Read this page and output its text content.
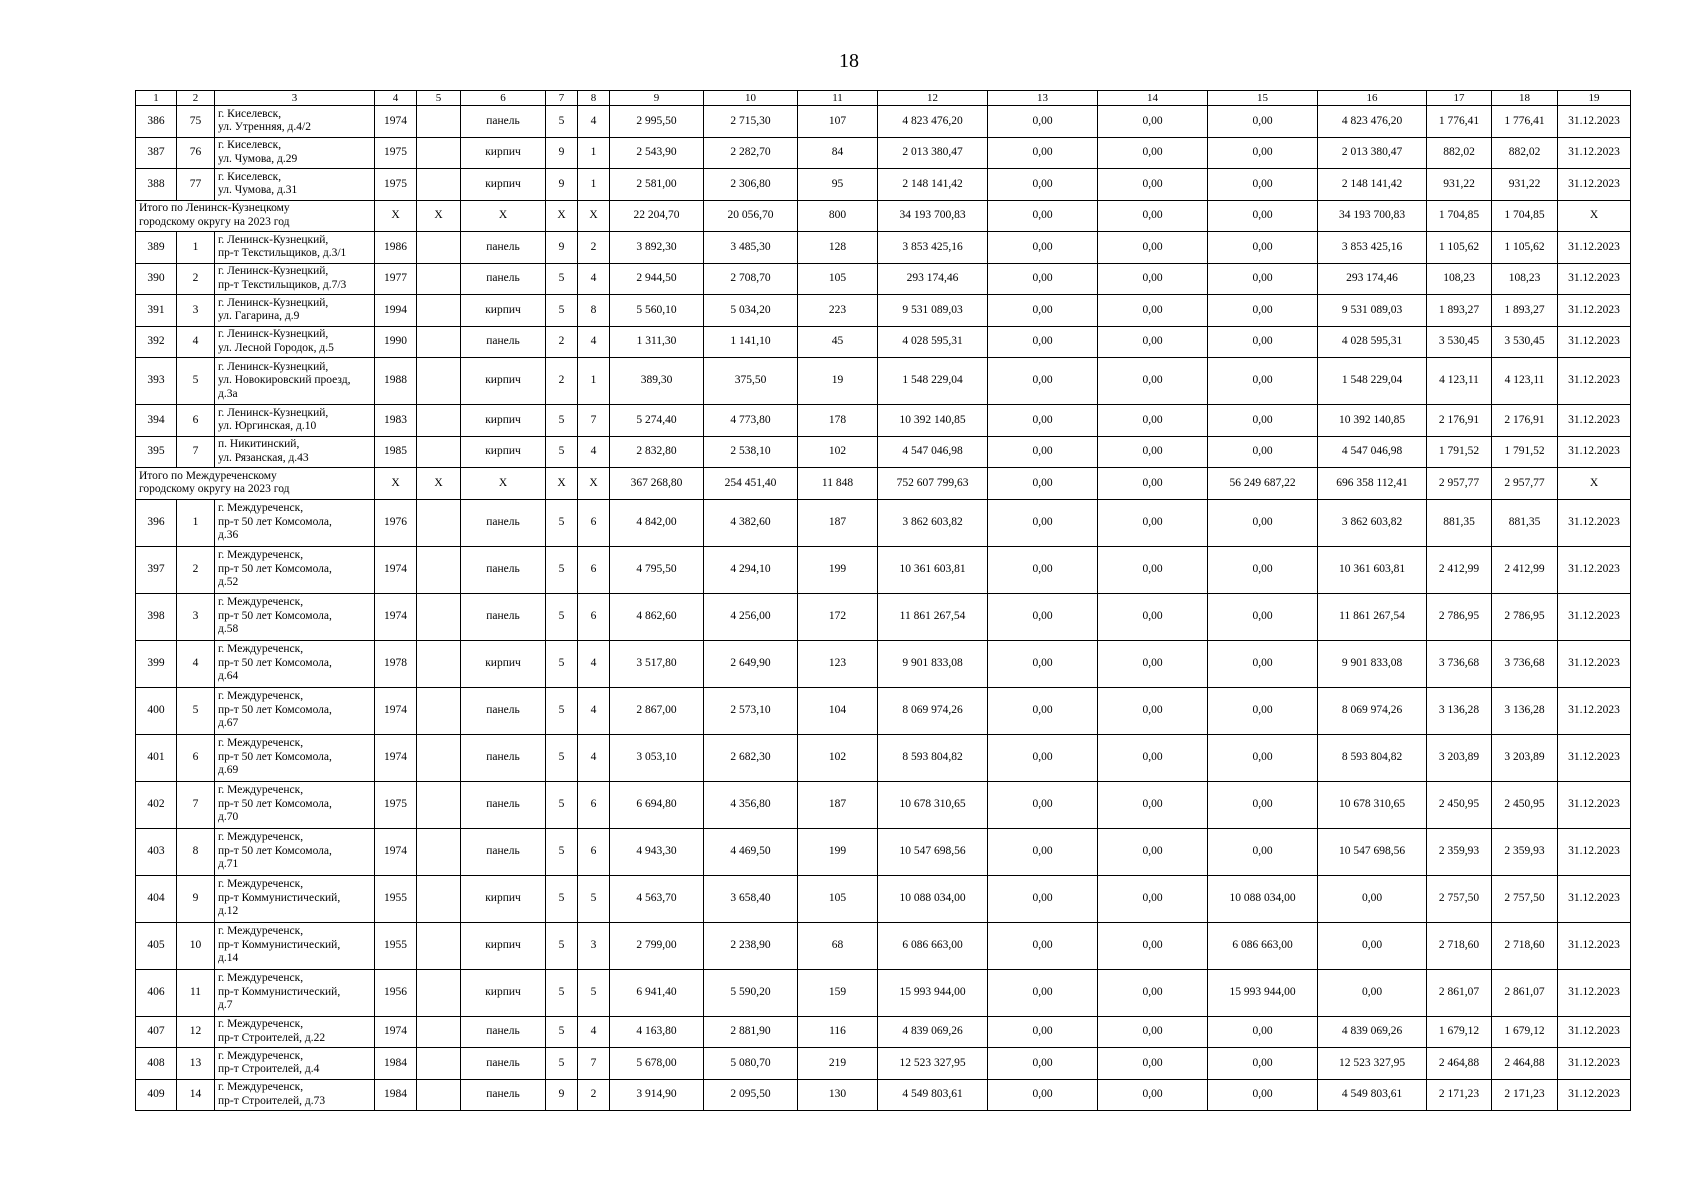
18
1	2	3	4	5	6	7	8	9	10	11	12	13	14	15	16	17	18	19
386	75	г. Киселевск,
ул. Утренняя, д.4/2	1974		панель	5	4	2 995,50	2 715,30	107	4 823 476,20	0,00	0,00	0,00	4 823 476,20	1 776,41	1 776,41	31.12.2023
387	76	г. Киселевск,
ул. Чумова, д.29	1975		кирпич	9	1	2 543,90	2 282,70	84	2 013 380,47	0,00	0,00	0,00	2 013 380,47	882,02	882,02	31.12.2023
388	77	г. Киселевск,
ул. Чумова, д.31	1975		кирпич	9	1	2 581,00	2 306,80	95	2 148 141,42	0,00	0,00	0,00	2 148 141,42	931,22	931,22	31.12.2023
Итого по Ленинск-Кузнецкому
городскому округу на 2023 год			X	X	X	X	X	22 204,70	20 056,70	800	34 193 700,83	0,00	0,00	0,00	34 193 700,83	1 704,85	1 704,85	X
389	1	г. Ленинск-Кузнецкий,
пр-т Текстильщиков, д.3/1	1986		панель	9	2	3 892,30	3 485,30	128	3 853 425,16	0,00	0,00	0,00	3 853 425,16	1 105,62	1 105,62	31.12.2023
390	2	г. Ленинск-Кузнецкий,
пр-т Текстильщиков, д.7/3	1977		панель	5	4	2 944,50	2 708,70	105	293 174,46	0,00	0,00	0,00	293 174,46	108,23	108,23	31.12.2023
391	3	г. Ленинск-Кузнецкий,
ул. Гагарина, д.9	1994		кирпич	5	8	5 560,10	5 034,20	223	9 531 089,03	0,00	0,00	0,00	9 531 089,03	1 893,27	1 893,27	31.12.2023
392	4	г. Ленинск-Кузнецкий,
ул. Лесной Городок, д.5	1990		панель	2	4	1 311,30	1 141,10	45	4 028 595,31	0,00	0,00	0,00	4 028 595,31	3 530,45	3 530,45	31.12.2023
393	5	г. Ленинск-Кузнецкий,
ул. Новокировский проезд,
д.3а	1988		кирпич	2	1	389,30	375,50	19	1 548 229,04	0,00	0,00	0,00	1 548 229,04	4 123,11	4 123,11	31.12.2023
394	6	г. Ленинск-Кузнецкий,
ул. Юргинская, д.10	1983		кирпич	5	7	5 274,40	4 773,80	178	10 392 140,85	0,00	0,00	0,00	10 392 140,85	2 176,91	2 176,91	31.12.2023
395	7	п. Никитинский,
ул. Рязанская, д.43	1985		кирпич	5	4	2 832,80	2 538,10	102	4 547 046,98	0,00	0,00	0,00	4 547 046,98	1 791,52	1 791,52	31.12.2023
Итого по Междуреченскому
городскому округу на 2023 год			X	X	X	X	X	367 268,80	254 451,40	11 848	752 607 799,63	0,00	0,00	56 249 687,22	696 358 112,41	2 957,77	2 957,77	X
396	1	г. Междуреченск,
пр-т 50 лет Комсомола,
д.36	1976		панель	5	6	4 842,00	4 382,60	187	3 862 603,82	0,00	0,00	0,00	3 862 603,82	881,35	881,35	31.12.2023
397	2	г. Междуреченск,
пр-т 50 лет Комсомола,
д.52	1974		панель	5	6	4 795,50	4 294,10	199	10 361 603,81	0,00	0,00	0,00	10 361 603,81	2 412,99	2 412,99	31.12.2023
398	3	г. Междуреченск,
пр-т 50 лет Комсомола,
д.58	1974		панель	5	6	4 862,60	4 256,00	172	11 861 267,54	0,00	0,00	0,00	11 861 267,54	2 786,95	2 786,95	31.12.2023
399	4	г. Междуреченск,
пр-т 50 лет Комсомола,
д.64	1978		кирпич	5	4	3 517,80	2 649,90	123	9 901 833,08	0,00	0,00	0,00	9 901 833,08	3 736,68	3 736,68	31.12.2023
400	5	г. Междуреченск,
пр-т 50 лет Комсомола,
д.67	1974		панель	5	4	2 867,00	2 573,10	104	8 069 974,26	0,00	0,00	0,00	8 069 974,26	3 136,28	3 136,28	31.12.2023
401	6	г. Междуреченск,
пр-т 50 лет Комсомола,
д.69	1974		панель	5	4	3 053,10	2 682,30	102	8 593 804,82	0,00	0,00	0,00	8 593 804,82	3 203,89	3 203,89	31.12.2023
402	7	г. Междуреченск,
пр-т 50 лет Комсомола,
д.70	1975		панель	5	6	6 694,80	4 356,80	187	10 678 310,65	0,00	0,00	0,00	10 678 310,65	2 450,95	2 450,95	31.12.2023
403	8	г. Междуреченск,
пр-т 50 лет Комсомола,
д.71	1974		панель	5	6	4 943,30	4 469,50	199	10 547 698,56	0,00	0,00	0,00	10 547 698,56	2 359,93	2 359,93	31.12.2023
404	9	г. Междуреченск,
пр-т Коммунистический,
д.12	1955		кирпич	5	5	4 563,70	3 658,40	105	10 088 034,00	0,00	0,00	10 088 034,00	0,00	2 757,50	2 757,50	31.12.2023
405	10	г. Междуреченск,
пр-т Коммунистический,
д.14	1955		кирпич	5	3	2 799,00	2 238,90	68	6 086 663,00	0,00	0,00	6 086 663,00	0,00	2 718,60	2 718,60	31.12.2023
406	11	г. Междуреченск,
пр-т Коммунистический,
д.7	1956		кирпич	5	5	6 941,40	5 590,20	159	15 993 944,00	0,00	0,00	15 993 944,00	0,00	2 861,07	2 861,07	31.12.2023
407	12	г. Междуреченск,
пр-т Строителей, д.22	1974		панель	5	4	4 163,80	2 881,90	116	4 839 069,26	0,00	0,00	0,00	4 839 069,26	1 679,12	1 679,12	31.12.2023
408	13	г. Междуреченск,
пр-т Строителей, д.4	1984		панель	5	7	5 678,00	5 080,70	219	12 523 327,95	0,00	0,00	0,00	12 523 327,95	2 464,88	2 464,88	31.12.2023
409	14	г. Междуреченск,
пр-т Строителей, д.73	1984		панель	9	2	3 914,90	2 095,50	130	4 549 803,61	0,00	0,00	0,00	4 549 803,61	2 171,23	2 171,23	31.12.2023
